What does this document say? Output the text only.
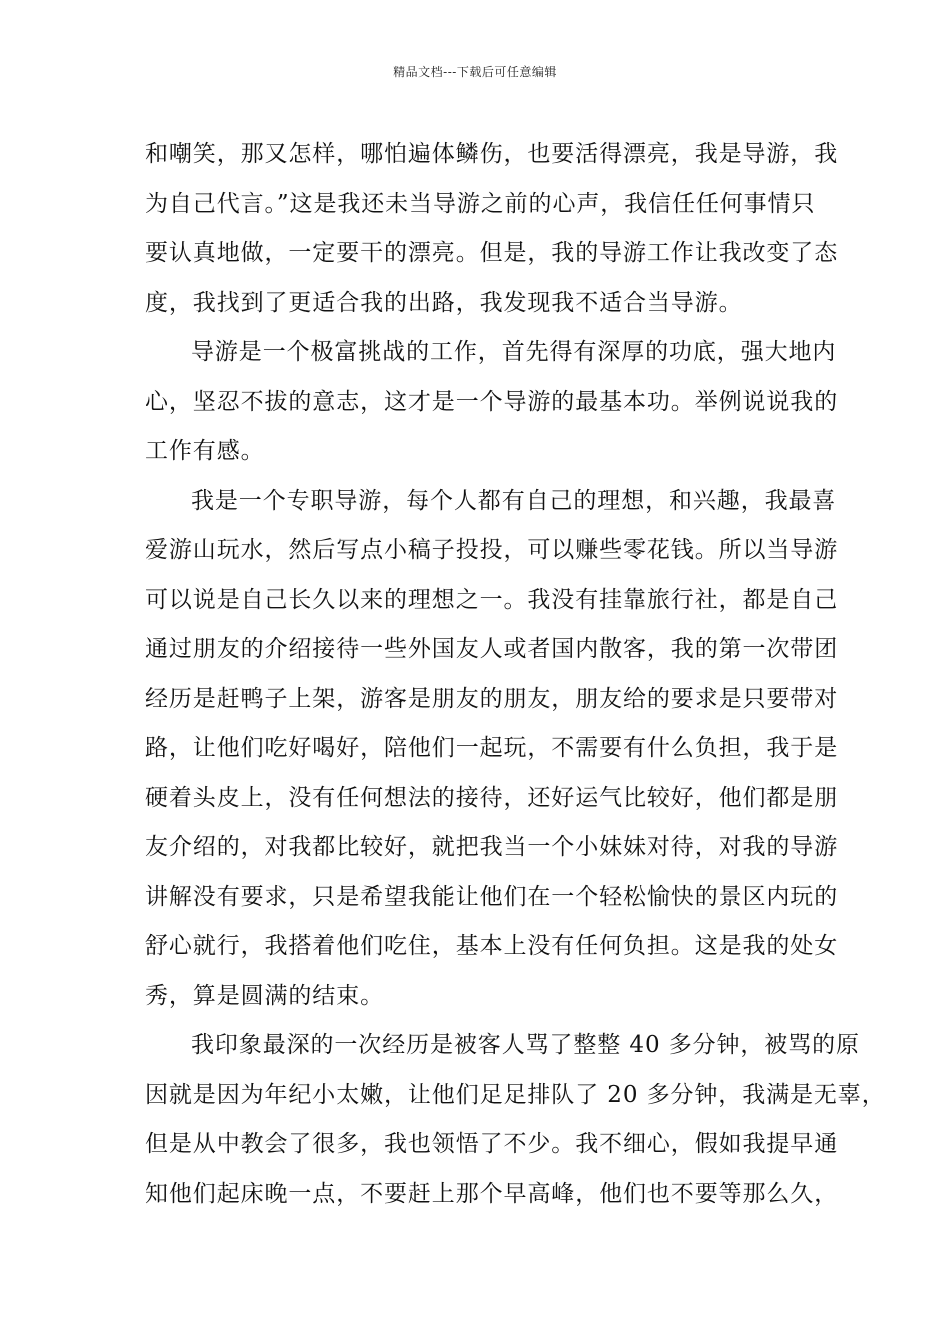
精品文档---下载后可任意编辑
和嘲笑，那又怎样，哪怕遍体鳞伤，也要活得漂亮，我是导游，我
为自己代言。”这是我还未当导游之前的心声，我信任任何事情只
要认真地做，一定要干的漂亮。但是，我的导游工作让我改变了态
度，我找到了更适合我的出路，我发现我不适合当导游。
导游是一个极富挑战的工作，首先得有深厚的功底，强大地内
心，坚忍不拔的意志，这才是一个导游的最基本功。举例说说我的
工作有感。
我是一个专职导游，每个人都有自己的理想，和兴趣，我最喜
爱游山玩水，然后写点小稿子投投，可以赚些零花钱。所以当导游
可以说是自己长久以来的理想之一。我没有挂靠旅行社，都是自己
通过朋友的介绍接待一些外国友人或者国内散客，我的第一次带团
经历是赶鸭子上架，游客是朋友的朋友，朋友给的要求是只要带对
路，让他们吃好喝好，陪他们一起玩，不需要有什么负担，我于是
硬着头皮上，没有任何想法的接待，还好运气比较好，他们都是朋
友介绍的，对我都比较好，就把我当一个小妹妹对待，对我的导游
讲解没有要求，只是希望我能让他们在一个轻松愉快的景区内玩的
舒心就行，我搭着他们吃住，基本上没有任何负担。这是我的处女
秀，算是圆满的结束。
我印象最深的一次经历是被客人骂了整整 40 多分钟，被骂的原
因就是因为年纪小太嫩，让他们足足排队了 20 多分钟，我满是无辜，
但是从中教会了很多，我也领悟了不少。我不细心，假如我提早通
知他们起床晚一点，不要赶上那个早高峰，他们也不要等那么久，
